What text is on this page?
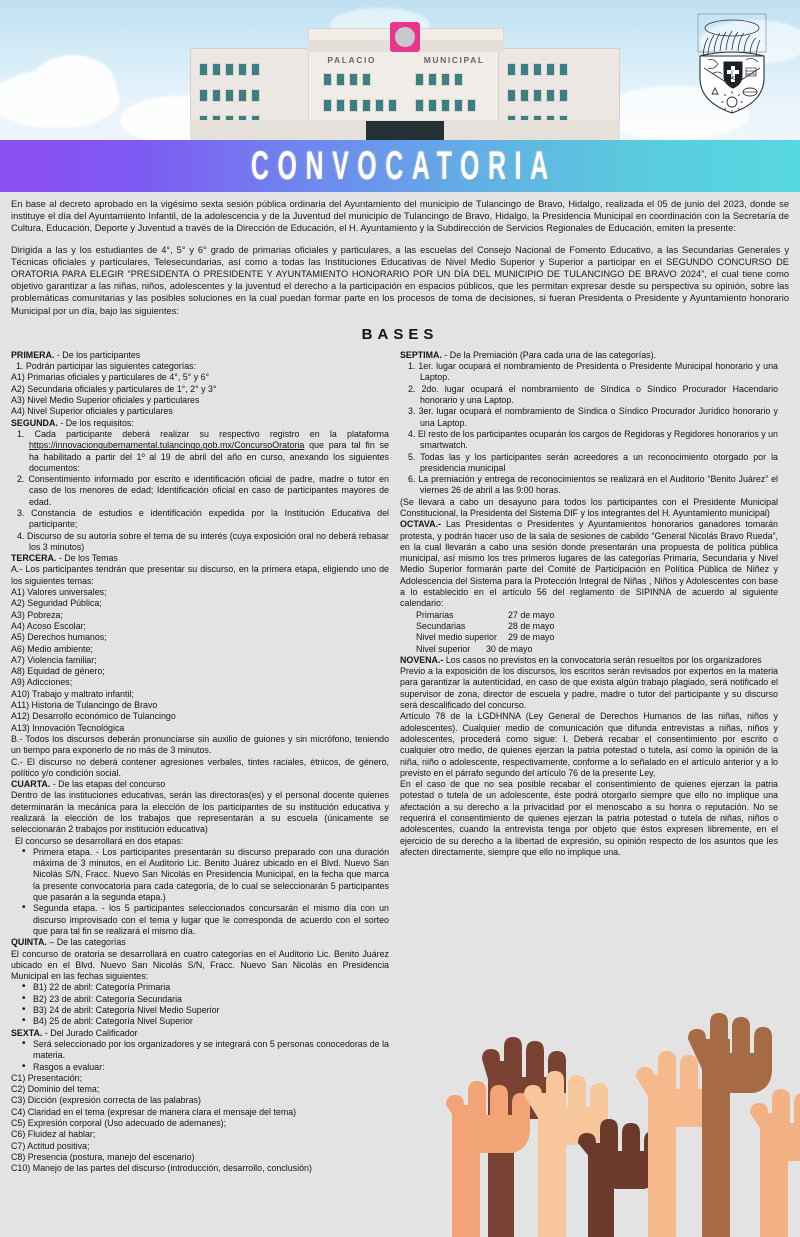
PALACIO	MUNICIPAL
CONVOCATORIA

En base al decreto aprobado en la vigésimo sexta sesión pública ordinaria del Ayuntamiento del municipio de Tulancingo de Bravo, Hidalgo, realizada el 05 de junio del 2023, donde se instituye el día del Ayuntamiento Infantil, de la adolescencia y de la Juventud del municipio de Tulancingo de Bravo, Hidalgo, la Presidencia Municipal en coordinación con la Secretaría de Cultura, Educación, Deporte y Juventud a través de la Dirección de Educación, el H. Ayuntamiento y la Subdirección de Servicios Regionales de Educación, emiten la presente:

Dirigida a las y los estudiantes de 4°, 5° y 6° grado de primarias oficiales y particulares, a las escuelas del Consejo Nacional de Fomento Educativo, a las Secundarias Generales y Técnicas oficiales y particulares, Telesecundarias, así como a todas las Instituciones Educativas de Nivel Medio Superior y Superior a participar en el SEGUNDO CONCURSO DE ORATORIA PARA ELEGIR “PRESIDENTA O PRESIDENTE Y AYUNTAMIENTO HONORARIO POR UN DÍA DEL MUNICIPIO DE TULANCINGO DE BRAVO 2024”, el cual tiene como objetivo garantizar a las niñas, niños, adolescentes y la juventud el derecho a la participación en espacios públicos, que les permitan expresar desde su perspectiva su opinión, sobre las problemáticas comunitarias y las posibles soluciones en la cual puedan formar parte en los procesos de toma de decisiones, si fueran Presidenta o Presidente y Ayuntamiento honorario Municipal por un día, bajo las siguientes:

BASES
PRIMERA. - De los participantes
1. Podrán participar las siguientes categorías:
A1) Primarias oficiales y particulares de 4°, 5° y 6°
A2) Secundaria oficiales y particulares de 1°, 2° y 3°
A3) Nivel Medio Superior oficiales y particulares
A4) Nivel Superior oficiales y particulares
SEGUNDA. - De los requisitos:
1. Cada participante deberá realizar su respectivo registro en la plataforma https://innovaciongubernamental.tulancingo.gob.mx/ConcursoOratoria que para tal fin se ha habilitado a partir del 1º al 19 de abril del año en curso, anexando los siguientes documentos:
2. Consentimiento informado por escrito e identificación oficial de padre, madre o tutor en caso de los menores de edad; Identificación oficial en caso de participantes mayores de edad.
3. Constancia de estudios e identificación expedida por la Institución Educativa del participante;
4. Discurso de su autoría sobre el tema de su interés (cuya exposición oral no deberá rebasar los 3 minutos)
TERCERA. - De los Temas
A.- Los participantes tendrán que presentar su discurso, en la primera etapa, eligiendo uno de los siguientes temas:
A1) Valores universales;
A2) Seguridad Pública;
A3) Pobreza;
A4) Acoso Escolar;
A5) Derechos humanos;
A6) Medio ambiente;
A7) Violencia familiar;
A8) Equidad de género;
A9) Adicciones;
A10) Trabajo y maltrato infantil;
A11) Historia de Tulancingo de Bravo
A12) Desarrollo económico de Tulancingo
A13) Innovación Tecnológica
B.- Todos los discursos deberán pronunciarse sin auxilio de guiones y sin micrófono, teniendo un tiempo para exponerlo de no más de 3 minutos.
C.- El discurso no deberá contener agresiones verbales, tintes raciales, étnicos, de género, político y/o condición social.
CUARTA. - De las etapas del concurso
Dentro de las instituciones educativas, serán las directoras(es) y el personal docente quienes determinarán la mecánica para la elección de los participantes de su institución educativa y realizará la elección de los trabajos que representarán a su escuela (únicamente se seleccionarán 2 trabajos por institución educativa)
El concurso se desarrollará en dos etapas:
• Primera etapa. - Los participantes presentarán su discurso preparado con una duración máxima de 3 minutos, en el Auditorio Lic. Benito Juárez ubicado en el Blvd. Nuevo San Nicolás S/N, Fracc. Nuevo San Nicolás en Presidencia Municipal, en la fecha que marca la presente convocatoria para cada categoría, de lo cual se seleccionarán 5 participantes que pasarán a la segunda etapa.)
• Segunda etapa. - los 5 participantes seleccionados concursarán el mismo día con un discurso improvisado con el tema y lugar que le corresponda de acuerdo con el sorteo que para tal fin se realizará el mismo día.
QUINTA. – De las categorías
El concurso de oratoria se desarrollará en cuatro categorías en el Auditorio Lic. Benito Juárez ubicado en el Blvd. Nuevo San Nicolás S/N, Fracc. Nuevo San Nicolás en Presidencia Municipal en las fechas siguientes:
• B1) 22 de abril: Categoría Primaria
• B2) 23 de abril: Categoría Secundaria
• B3) 24 de abril: Categoría Nivel Medio Superior
• B4) 25 de abril: Categoría Nivel Superior
SEXTA. - Del Jurado Calificador
• Será seleccionado por los organizadores y se integrará con 5 personas conocedoras de la materia.
• Rasgos a evaluar:
C1) Presentación;
C2) Dominio del tema;
C3) Dicción (expresión correcta de las palabras)
C4) Claridad en el tema (expresar de manera clara el mensaje del tema)
C5) Expresión corporal (Uso adecuado de ademanes);
C6) Fluidez al hablar;
C7) Actitud positiva;
C8) Presencia (postura, manejo del escenario)
C10) Manejo de las partes del discurso (introducción, desarrollo, conclusión)
SEPTIMA. - De la Premiación (Para cada una de las categorías).
1. 1er. lugar ocupará el nombramiento de Presidenta o Presidente Municipal honorario y una Laptop.
2. 2do. lugar ocupará el nombramiento de Síndica o Síndico Procurador Hacendario honorario y una Laptop.
3. 3er. lugar ocupará el nombramiento de Síndica o Síndico Procurador Jurídico honorario y una Laptop.
4. El resto de los participantes ocuparán los cargos de Regidoras y Regidores honorarios y un smartwatch.
5. Todas las y los participantes serán acreedores a un reconocimiento otorgado por la presidencia municipal
6. La premiación y entrega de reconocimientos se realizará en el Auditorio “Benito Juárez” el viernes 26 de abril a las 9:00 horas.
(Se llevará a cabo un desayuno para todos los participantes con el Presidente Municipal Constitucional, la Presidenta del Sistema DIF y los integrantes del H. Ayuntamiento municipal)
OCTAVA.- Las Presidentas o Presidentes y Ayuntamientos honorarios ganadores tomarán protesta, y podrán hacer uso de la sala de sesiones de cabildo “General Nicolás Bravo Rueda”, en la cual llevarán a cabo una sesión donde presentarán una propuesta de política pública municipal, así mismo los tres primeros lugares de las categorías Primaria, Secundaria y Nivel Medio Superior formarán parte del Comité de Participación en Política Pública de Niñez y Adolescencia del Sistema para la Protección Integral de Niñas , Niños y Adolescentes con base a lo establecido en el artículo 56 del reglamento de SIPINNA de acuerdo al siguiente calendario:
Primarias	27 de mayo
Secundarias	28 de mayo
Nivel medio superior	29 de mayo
Nivel superior	30 de mayo
NOVENA.- Los casos no previstos en la convocatoria serán resueltos por los organizadores
Previo a la exposición de los discursos, los escritos serán revisados por expertos en la materia para garantizar la autenticidad, en caso de que exista algún trabajo plagiado, será notificado el supervisor de zona, director de escuela y padre, madre o tutor del participante y su discurso será descalificado del concurso.
Artículo 78 de la LGDHNNA (Ley General de Derechos Humanos de las niñas, niños y adolescentes). Cualquier medio de comunicación que difunda entrevistas a niñas, niños y adolescentes, procederá como sigue: I. Deberá recabar el consentimiento por escrito o cualquier otro medio, de quienes ejerzan la patria potestad o tutela, así como la opinión de la niña, niño o adolescente, respectivamente, conforme a lo señalado en el artículo anterior y a lo previsto en el párrafo segundo del artículo 76 de la presente Ley,
En el caso de que no sea posible recabar el consentimiento de quienes ejerzan la patria potestad o tutela de un adolescente, éste podrá otorgarlo siempre que ello no implique una afectación a su derecho a la privacidad por el menoscabo a su honra o reputación. No se requerirá el consentimiento de quienes ejerzan la patria potestad o tutela de niñas, niños o adolescentes, cuando la entrevista tenga por objeto que éstos expresen libremente, en el ejercicio de su derecho a la libertad de expresión, su opinión respecto de los asuntos que les afecten directamente, siempre que ello no implique una.
